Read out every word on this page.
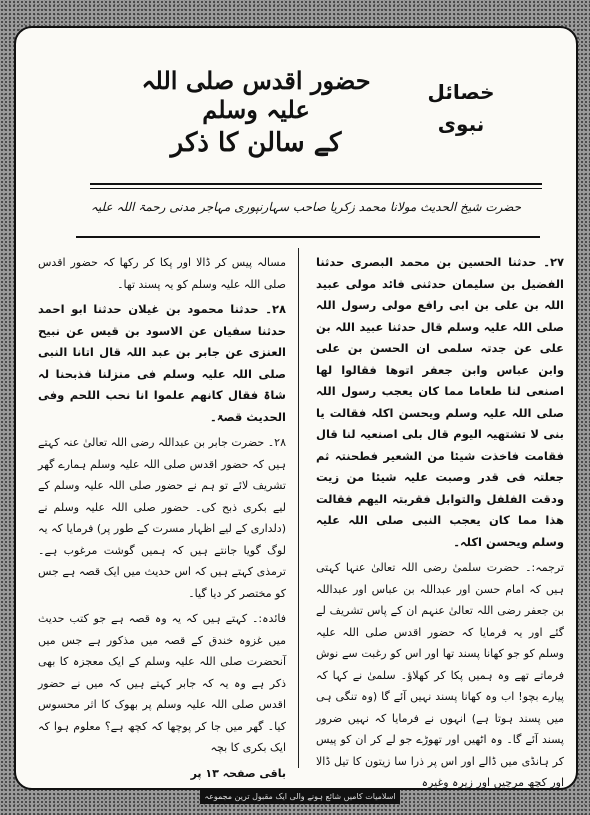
حضور اقدس صلی اللہ علیہ وسلم
کے سالن کا ذکر
خصائل
نبوی
حضرت شیخ الحدیث مولانا محمد زکریا صاحب سہارنپوری مہاجر مدنی رحمۃ اللہ علیہ

۲۷۔ حدثنا الحسین بن محمد البصری حدثنا الفضیل بن سلیمان حدثنی فائد مولی عبید اللہ بن علی بن ابی رافع مولی رسول اللہ صلی اللہ علیہ وسلم قال حدثنا عبید اللہ بن علی عن جدتہ سلمی ان الحسن بن علی وابن عباس وابن جعفر اتوھا فقالوا لھا اصنعی لنا طعاما مما کان یعجب رسول اللہ صلی اللہ علیہ وسلم ویحسن اکلہ فقالت یا بنی لا تشتھیہ الیوم قال بلی اصنعیہ لنا قال فقامت فاخذت شیئا من الشعیر فطحنتہ ثم جعلتہ فی قدر وصبت علیہ شیئا من زیت ودقت الفلفل والتوابل فقربتہ الیھم فقالت ھذا مما کان یعجب النبی صلی اللہ علیہ وسلم ویحسن اکلہ۔

ترجمہ:۔ حضرت سلمیٰ رضی اللہ تعالیٰ عنہا کہتی ہیں کہ امام حسن اور عبداللہ بن عباس اور عبداللہ بن جعفر رضی اللہ تعالیٰ عنہم ان کے پاس تشریف لے گئے اور یہ فرمایا کہ حضور اقدس صلی اللہ علیہ وسلم کو جو کھانا پسند تھا اور اس کو رغبت سے نوش فرماتے تھے وہ ہمیں پکا کر کھلاؤ۔ سلمیٰ نے کہا کہ پیارے بچو! اب وہ کھانا پسند نہیں آئے گا (وہ تنگی ہی میں پسند ہوتا ہے) انہوں نے فرمایا کہ نہیں ضرور پسند آئے گا۔ وہ اٹھیں اور تھوڑے جو لے کر ان کو پیس کر ہانڈی میں ڈالے اور اس پر ذرا سا زیتون کا تیل ڈالا اور کچھ مرچیں اور زیرہ وغیرہ

مسالہ پیس کر ڈالا اور پکا کر رکھا کہ حضور اقدس صلی اللہ علیہ وسلم کو یہ پسند تھا۔

۲۸۔ حدثنا محمود بن غیلان حدثنا ابو احمد حدثنا سفیان عن الاسود بن قیس عن نبیح العنزی عن جابر بن عبد اللہ قال اتانا النبی صلی اللہ علیہ وسلم فی منزلنا فذبحنا لہ شاۃ فقال کانھم علموا انا نحب اللحم وفی الحدیث قصۃ۔

۲۸۔ حضرت جابر بن عبداللہ رضی اللہ تعالیٰ عنہ کہتے ہیں کہ حضور اقدس صلی اللہ علیہ وسلم ہمارے گھر تشریف لائے تو ہم نے حضور صلی اللہ علیہ وسلم کے لیے بکری ذبح کی۔ حضور صلی اللہ علیہ وسلم نے (دلداری کے لیے اظہار مسرت کے طور پر) فرمایا کہ یہ لوگ گویا جانتے ہیں کہ ہمیں گوشت مرغوب ہے۔ ترمذی کہتے ہیں کہ اس حدیث میں ایک قصہ ہے جس کو مختصر کر دیا گیا۔

فائدہ:۔ کہتے ہیں کہ یہ وہ قصہ ہے جو کتب حدیث میں غزوہ خندق کے قصہ میں مذکور ہے جس میں آنحضرت صلی اللہ علیہ وسلم کے ایک معجزہ کا بھی ذکر ہے وہ یہ کہ جابر کہتے ہیں کہ میں نے حضور اقدس صلی اللہ علیہ وسلم پر بھوک کا اثر محسوس کیا۔ گھر میں جا کر پوچھا کہ کچھ ہے؟ معلوم ہوا کہ ایک بکری کا بچہ

باقی صفحہ ۱۳ پر

اسلامیات کامیں شائع ہونے والی ایک مقبول ترین مجموعہ
